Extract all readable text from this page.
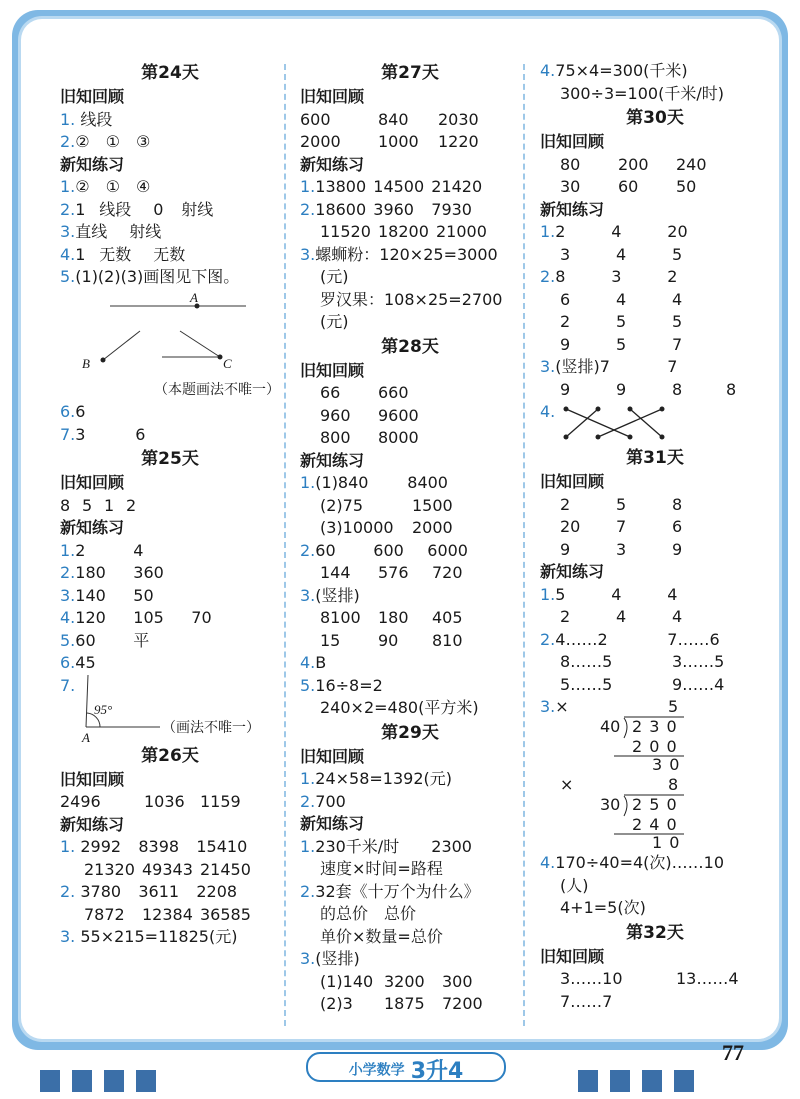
第24天
旧知回顾
1. 线段
2.②　①　③
新知练习
1.②　①　④
2.1 线段 0 射线
3.直线 射线
4.1 无数 无数
5.(1)(2)(3)画图见下图。
A
B	C
（本题画法不唯一）
6.6
7.3	6
第25天
旧知回顾
8 5 1 2
新知练习
1.2	4
2.180 360
3.140 50
4.120 105 70
5.60 平
6.45
7.
95°
A
（画法不唯一）
第26天
旧知回顾
2496	1036 1159
新知练习
1. 2992 8398 15410
21320 49343 21450
2. 3780 3611 2208
7872 12384 36585
3. 55×215=11825(元)
第27天
旧知回顾
600	840 2030
2000 1000 1220
新知练习
1.13800 14500 21420
2.18600 3960 7930
11520 18200 21000
3.螺蛳粉：120×25=3000
(元)
罗汉果：108×25=2700
(元)
第28天
旧知回顾
66 660
960 9600
800 8000
新知练习
1.(1)840 8400
(2)75	1500
(3)10000 2000
2.60 600 6000
144 576 720
3.(竖排)
8100 180 405
15 90 810
4.B
5.16÷8=2
240×2=480(平方米)
第29天
旧知回顾
1.24×58=1392(元)
2.700
新知练习
1.230千米/时 2300
速度×时间=路程
2.32套《十万个为什么》
的总价　总价
单价×数量=总价
3.(竖排)
(1)140 3200 300
(2)3 1875 7200
4.75×4=300(千米)
300÷3=100(千米/时)
第30天
旧知回顾
80 200 240
30 60 50
新知练习
1.2	4	20
3	4	5
2.8	3	2
6	4	4
2	5	5
9	5	7
3.(竖排)7	7
9	9	8	8
4.
第31天
旧知回顾
2	5	8
20 7	6
9	3	9
新知练习
1.5	4	4
2	4	4
2.4……2	7……6
8……5	3……5
5……5	9……4
3.×	5
40 2 3 0
2 0 0
3 0
×	8
30 2 5 0
2 4 0
1 0
4.170÷40=4(次)……10
(人)
4+1=5(次)
第32天
旧知回顾
3……10	13……4
7……7
77
小学数学 3升4
